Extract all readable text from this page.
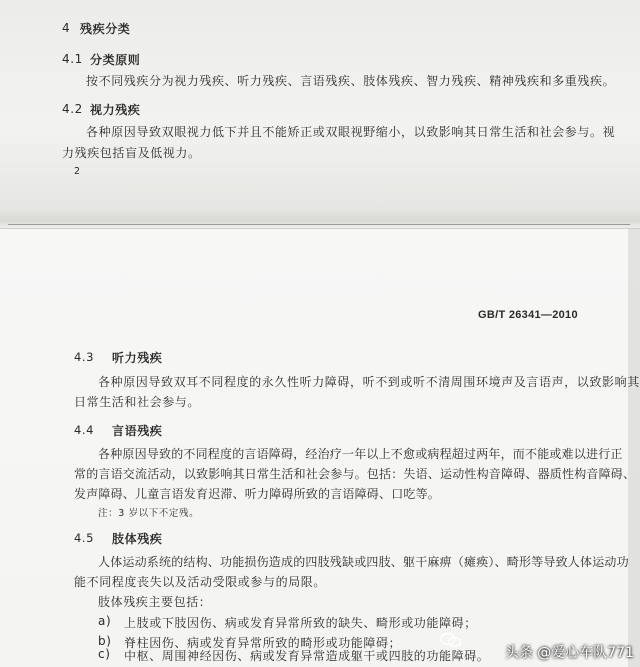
4 残疾分类
4.1 分类原则
按不同残疾分为视力残疾、听力残疾、言语残疾、肢体残疾、智力残疾、精神残疾和多重残疾。
4.2 视力残疾
各种原因导致双眼视力低下并且不能矫正或双眼视野缩小，以致影响其日常生活和社会参与。视
力残疾包括盲及低视力。
2
GB/T 26341—2010
4.3 听力残疾
各种原因导致双耳不同程度的永久性听力障碍，听不到或听不清周围环境声及言语声，以致影响其
日常生活和社会参与。
4.4 言语残疾
各种原因导致的不同程度的言语障碍，经治疗一年以上不愈或病程超过两年，而不能或难以进行正
常的言语交流活动，以致影响其日常生活和社会参与。包括：失语、运动性构音障碍、器质性构音障碍、
发声障碍、儿童言语发育迟滞、听力障碍所致的言语障碍、口吃等。
注：3 岁以下不定残。
4.5 肢体残疾
人体运动系统的结构、功能损伤造成的四肢残缺或四肢、躯干麻痹（瘫痪）、畸形等导致人体运动功
能不同程度丧失以及活动受限或参与的局限。
肢体残疾主要包括：
a) 上肢或下肢因伤、病或发育异常所致的缺失、畸形或功能障碍；
b) 脊柱因伤、病或发育异常所致的畸形或功能障碍；
c) 中枢、周围神经因伤、病或发育异常造成躯干或四肢的功能障碍。 头条 @爱心车队771
